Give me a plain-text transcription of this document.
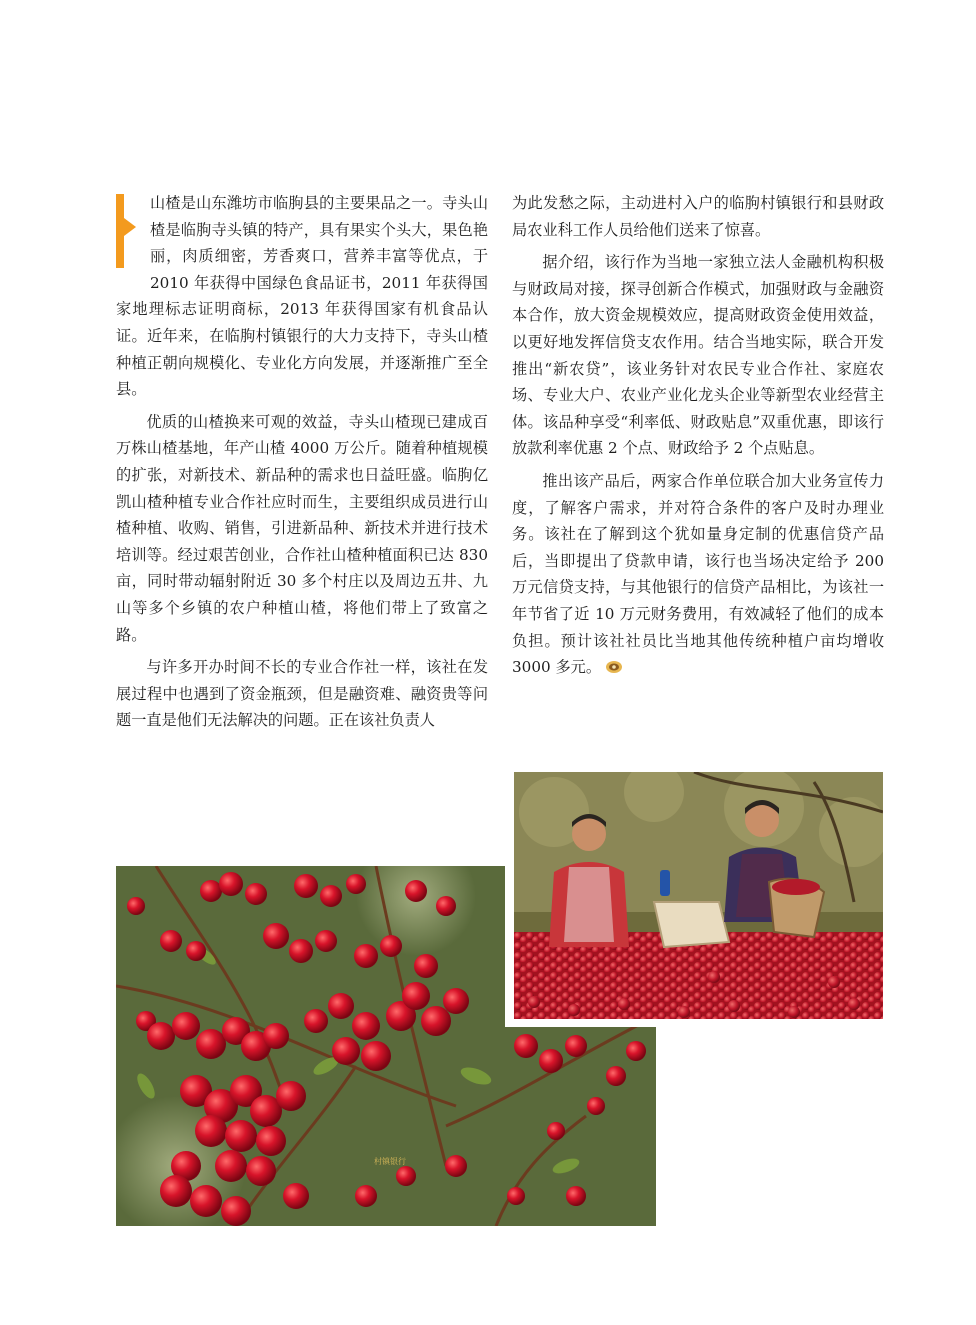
山楂是山东潍坊市临朐县的主要果品之一。寺头山楂是临朐寺头镇的特产，具有果实个头大，果色艳丽，肉质细密，芳香爽口，营养丰富等优点，于 2010 年获得中国绿色食品证书，2011 年获得国家地理标志证明商标，2013 年获得国家有机食品认证。近年来，在临朐村镇银行的大力支持下，寺头山楂种植正朝向规模化、专业化方向发展，并逐渐推广至全县。

优质的山楂换来可观的效益，寺头山楂现已建成百万株山楂基地，年产山楂 4000 万公斤。随着种植规模的扩张，对新技术、新品种的需求也日益旺盛。临朐亿凯山楂种植专业合作社应时而生，主要组织成员进行山楂种植、收购、销售，引进新品种、新技术并进行技术培训等。经过艰苦创业，合作社山楂种植面积已达 830 亩，同时带动辐射附近 30 多个村庄以及周边五井、九山等多个乡镇的农户种植山楂，将他们带上了致富之路。

与许多开办时间不长的专业合作社一样，该社在发展过程中也遇到了资金瓶颈，但是融资难、融资贵等问题一直是他们无法解决的问题。正在该社负责人

为此发愁之际，主动进村入户的临朐村镇银行和县财政局农业科工作人员给他们送来了惊喜。

据介绍，该行作为当地一家独立法人金融机构积极与财政局对接，探寻创新合作模式，加强财政与金融资本合作，放大资金规模效应，提高财政资金使用效益，以更好地发挥信贷支农作用。结合当地实际，联合开发推出“新农贷”，该业务针对农民专业合作社、家庭农场、专业大户、农业产业化龙头企业等新型农业经营主体。该品种享受“利率低、财政贴息”双重优惠，即该行放款利率优惠 2 个点、财政给予 2 个点贴息。

推出该产品后，两家合作单位联合加大业务宣传力度，了解客户需求，并对符合条件的客户及时办理业务。该社在了解到这个犹如量身定制的优惠信贷产品后，当即提出了贷款申请，该行也当场决定给予 200 万元信贷支持，与其他银行的信贷产品相比，为该社一年节省了近 10 万元财务费用，有效减轻了他们的成本负担。预计该社社员比当地其他传统种植户亩均增收 3000 多元。

村镇银行
